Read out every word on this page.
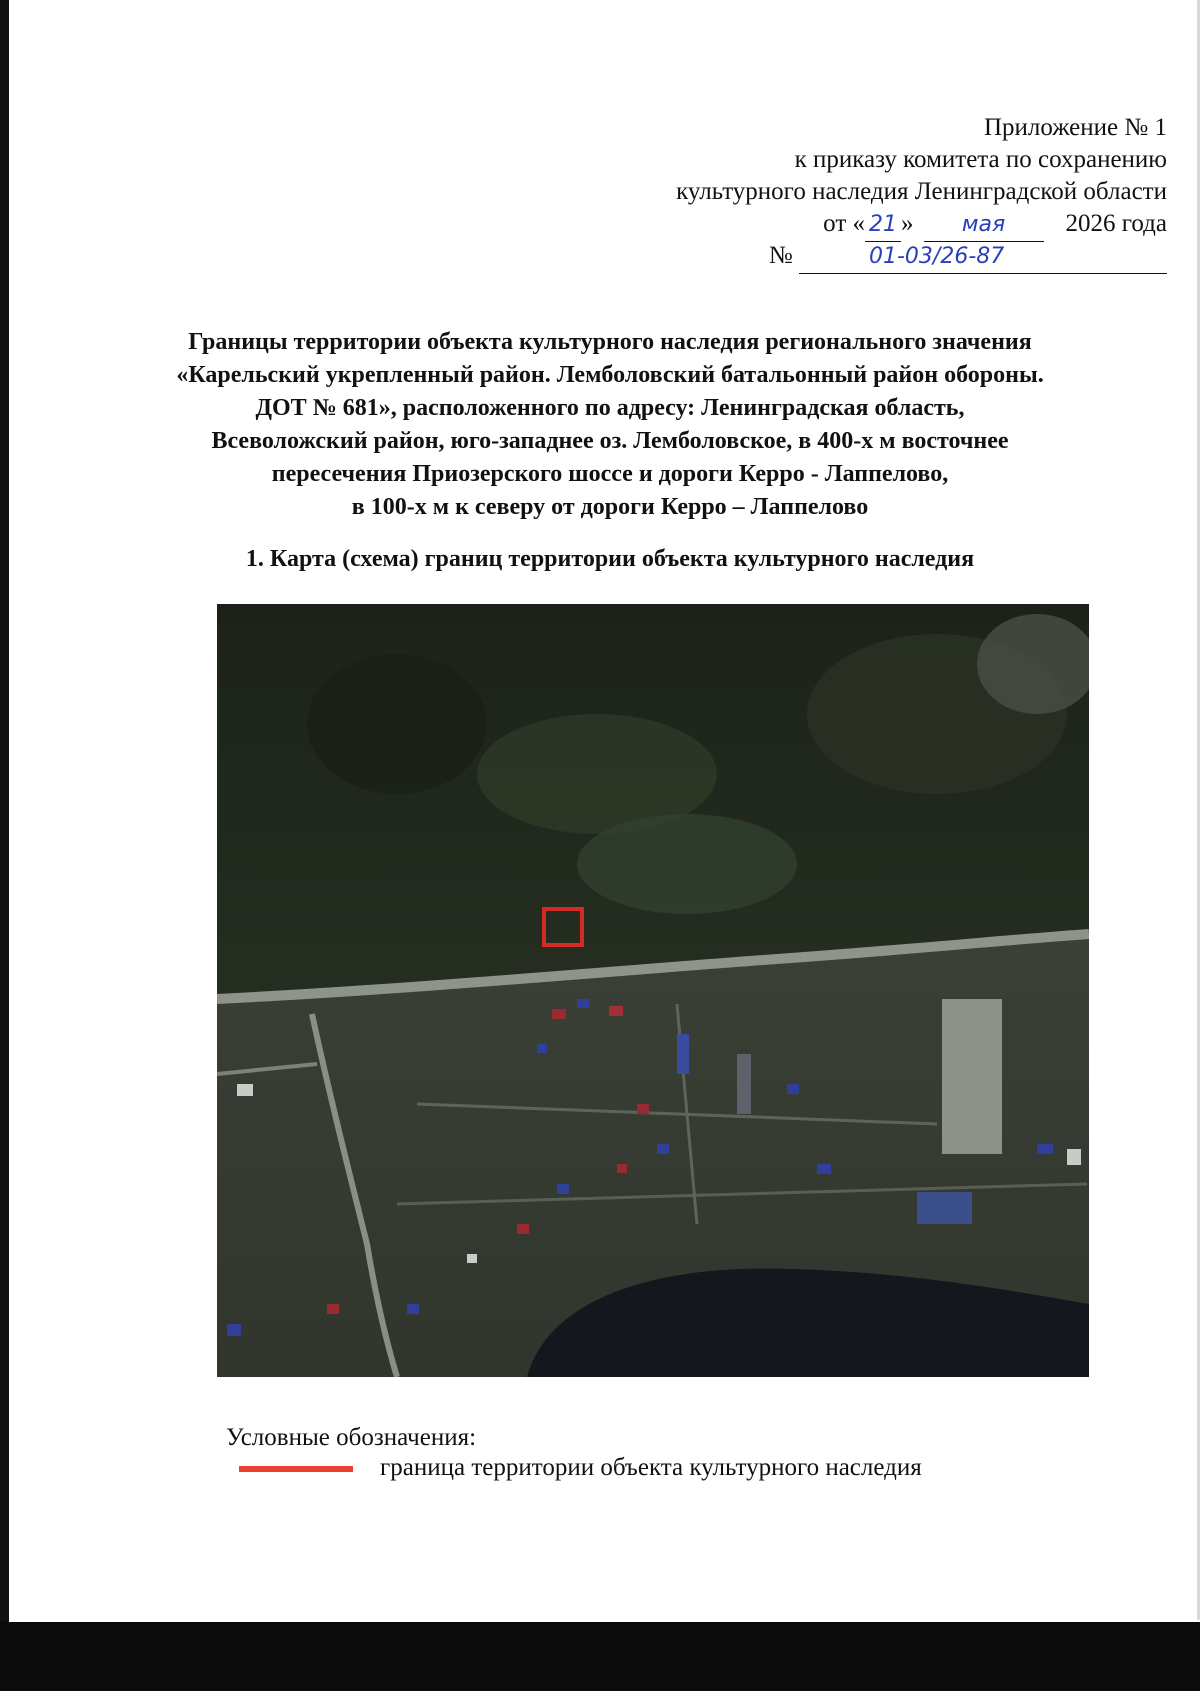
Приложение № 1
к приказу комитета по сохранению
культурного наследия Ленинградской области
от « 21 » мая 2026 года
№	01-03/26-87
Границы территории объекта культурного наследия регионального значения
«Карельский укрепленный район. Лемболовский батальонный район обороны.
ДОТ № 681», расположенного по адресу: Ленинградская область,
Всеволожский район, юго-западнее оз. Лемболовское, в 400-х м восточнее
пересечения Приозерского шоссе и дороги Керро - Лаппелово,
в 100-х м к северу от дороги Керро – Лаппелово
1. Карта (схема) границ территории объекта культурного наследия
Условные обозначения:
граница территории объекта культурного наследия
